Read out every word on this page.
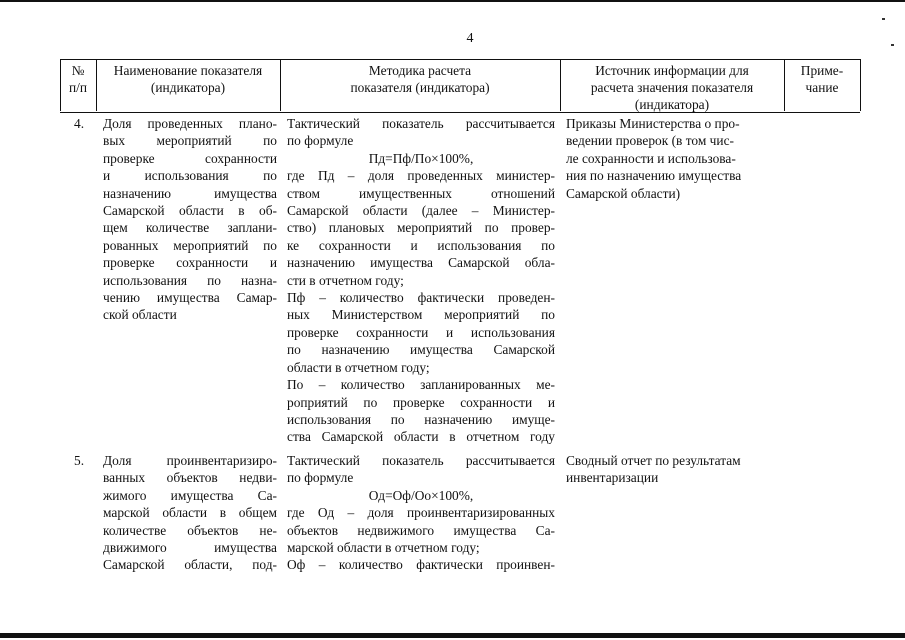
4
№
п/п
Наименование показателя
(индикатора)
Методика расчета
показателя (индикатора)
Источник информации для
расчета значения показателя
(индикатора)
Приме-
чание
4. Доля проведенных плано-
вых мероприятий по
проверке сохранности
и использования по
назначению имущества
Самарской области в об-
щем количестве заплани-
рованных мероприятий по
проверке сохранности и
использования по назна-
чению имущества Самар-
ской области
Тактический показатель рассчитывается
по формуле
Пд=Пф/По×100%,
где Пд – доля проведенных министер-
ством имущественных отношений
Самарской области (далее – Министер-
ство) плановых мероприятий по провер-
ке сохранности и использования по
назначению имущества Самарской обла-
сти в отчетном году;
Пф – количество фактически проведен-
ных Министерством мероприятий по
проверке сохранности и использования
по назначению имущества Самарской
области в отчетном году;
По – количество запланированных ме-
роприятий по проверке сохранности и
использования по назначению имуще-
ства Самарской области в отчетном году
Приказы Министерства о про-
ведении проверок (в том чис-
ле сохранности и использова-
ния по назначению имущества
Самарской области)
5. Доля проинвентаризиро-
ванных объектов недви-
жимого имущества Са-
марской области в общем
количестве объектов не-
движимого имущества
Самарской области, под-
Тактический показатель рассчитывается
по формуле
Од=Оф/Оо×100%,
где Од – доля проинвентаризированных
объектов недвижимого имущества Са-
марской области в отчетном году;
Оф – количество фактически проинвен-
Сводный отчет по результатам
инвентаризации
